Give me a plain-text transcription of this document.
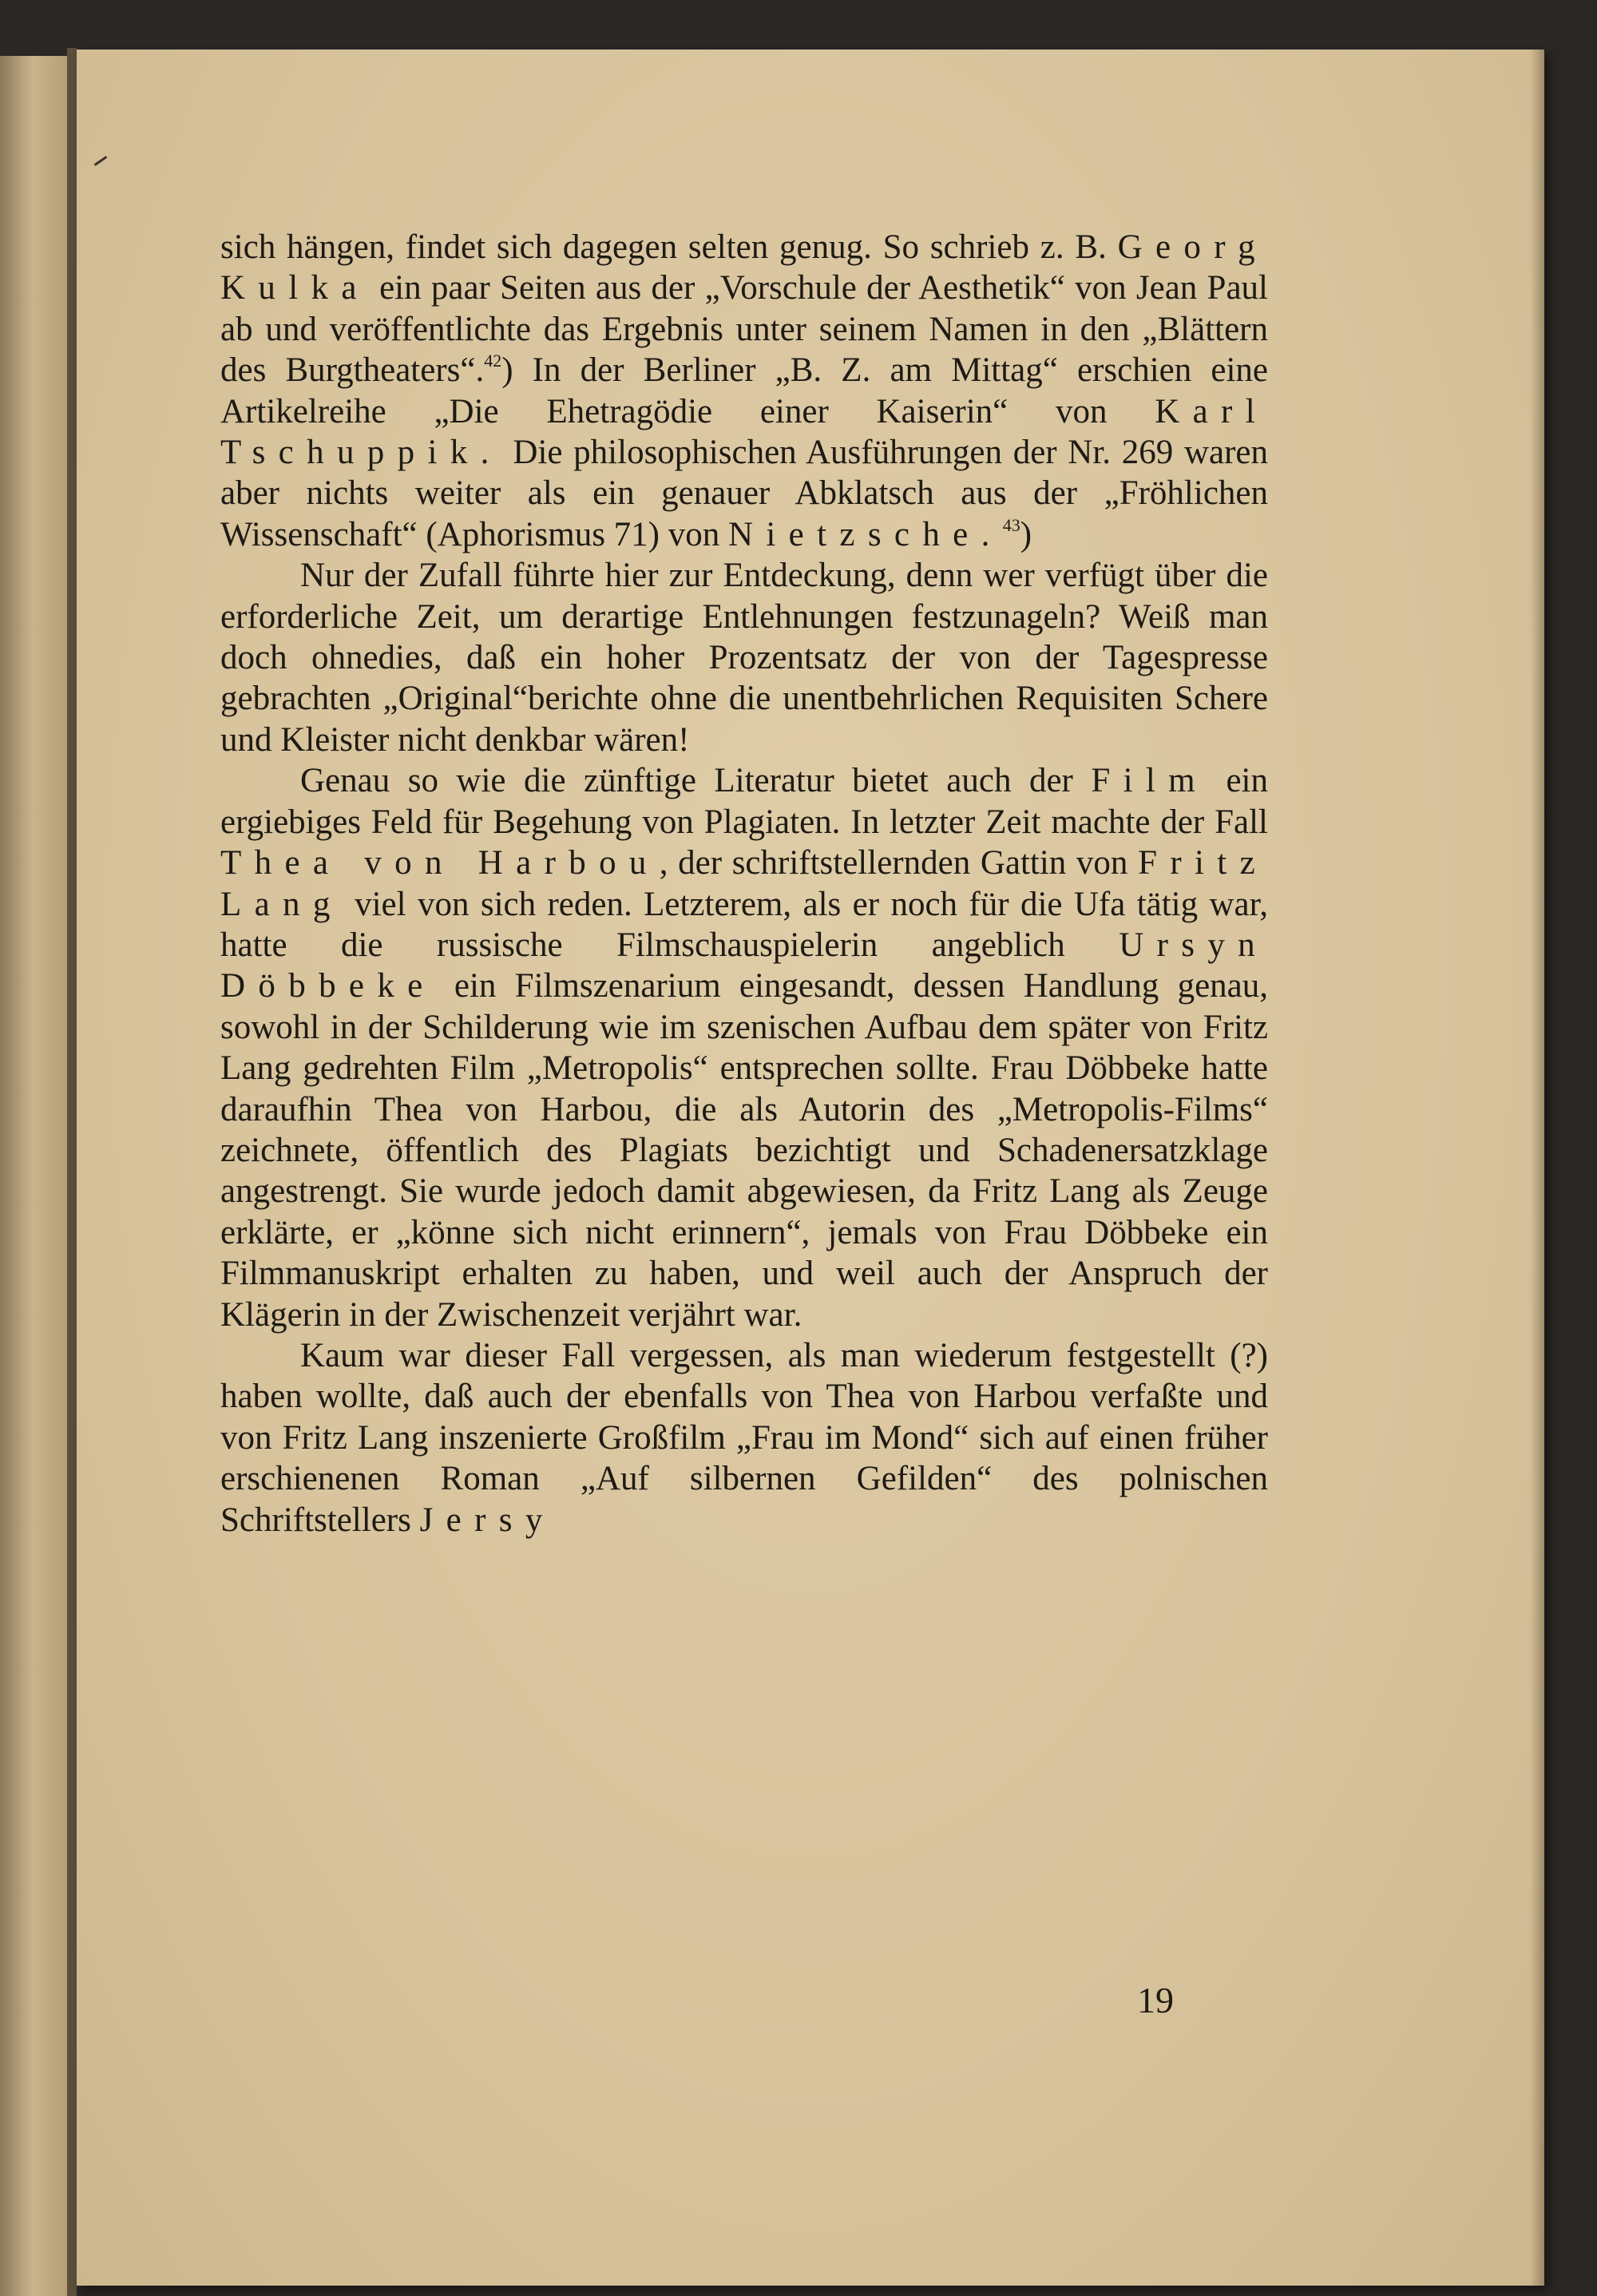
sich hängen, findet sich dagegen selten genug. So schrieb z. B. Georg Kulka ein paar Seiten aus der „Vorschule der Aesthetik“ von Jean Paul ab und veröffentlichte das Ergebnis unter seinem Namen in den „Blättern des Burgtheaters“.$^{42}$) In der Berliner „B. Z. am Mittag“ erschien eine Artikelreihe „Die Ehetragödie einer Kaiserin“ von Karl Tschuppik. Die philosophischen Ausführungen der Nr. 269 waren aber nichts weiter als ein genauer Abklatsch aus der „Fröhlichen Wissenschaft“ (Aphorismus 71) von Nietzsche.$^{43}$)

Nur der Zufall führte hier zur Entdeckung, denn wer verfügt über die erforderliche Zeit, um derartige Entlehnungen festzunageln? Weiß man doch ohnedies, daß ein hoher Prozentsatz der von der Tagespresse gebrachten „Original“berichte ohne die unentbehrlichen Requisiten Schere und Kleister nicht denkbar wären!

Genau so wie die zünftige Literatur bietet auch der Film ein ergiebiges Feld für Begehung von Plagiaten. In letzter Zeit machte der Fall Thea von Harbou, der schriftstellernden Gattin von Fritz Lang viel von sich reden. Letzterem, als er noch für die Ufa tätig war, hatte die russische Filmschauspielerin angeblich Ursyn Döbbeke ein Filmszenarium eingesandt, dessen Handlung genau, sowohl in der Schilderung wie im szenischen Aufbau dem später von Fritz Lang gedrehten Film „Metropolis“ entsprechen sollte. Frau Döbbeke hatte daraufhin Thea von Harbou, die als Autorin des „Metropolis-Films“ zeichnete, öffentlich des Plagiats bezichtigt und Schadenersatzklage angestrengt. Sie wurde jedoch damit abgewiesen, da Fritz Lang als Zeuge erklärte, er „könne sich nicht erinnern“, jemals von Frau Döbbeke ein Filmmanuskript erhalten zu haben, und weil auch der Anspruch der Klägerin in der Zwischenzeit verjährt war.

Kaum war dieser Fall vergessen, als man wiederum festgestellt (?) haben wollte, daß auch der ebenfalls von Thea von Harbou verfaßte und von Fritz Lang inszenierte Großfilm „Frau im Mond“ sich auf einen früher erschienenen Roman „Auf silbernen Gefilden“ des polnischen Schriftstellers Jersy

19
